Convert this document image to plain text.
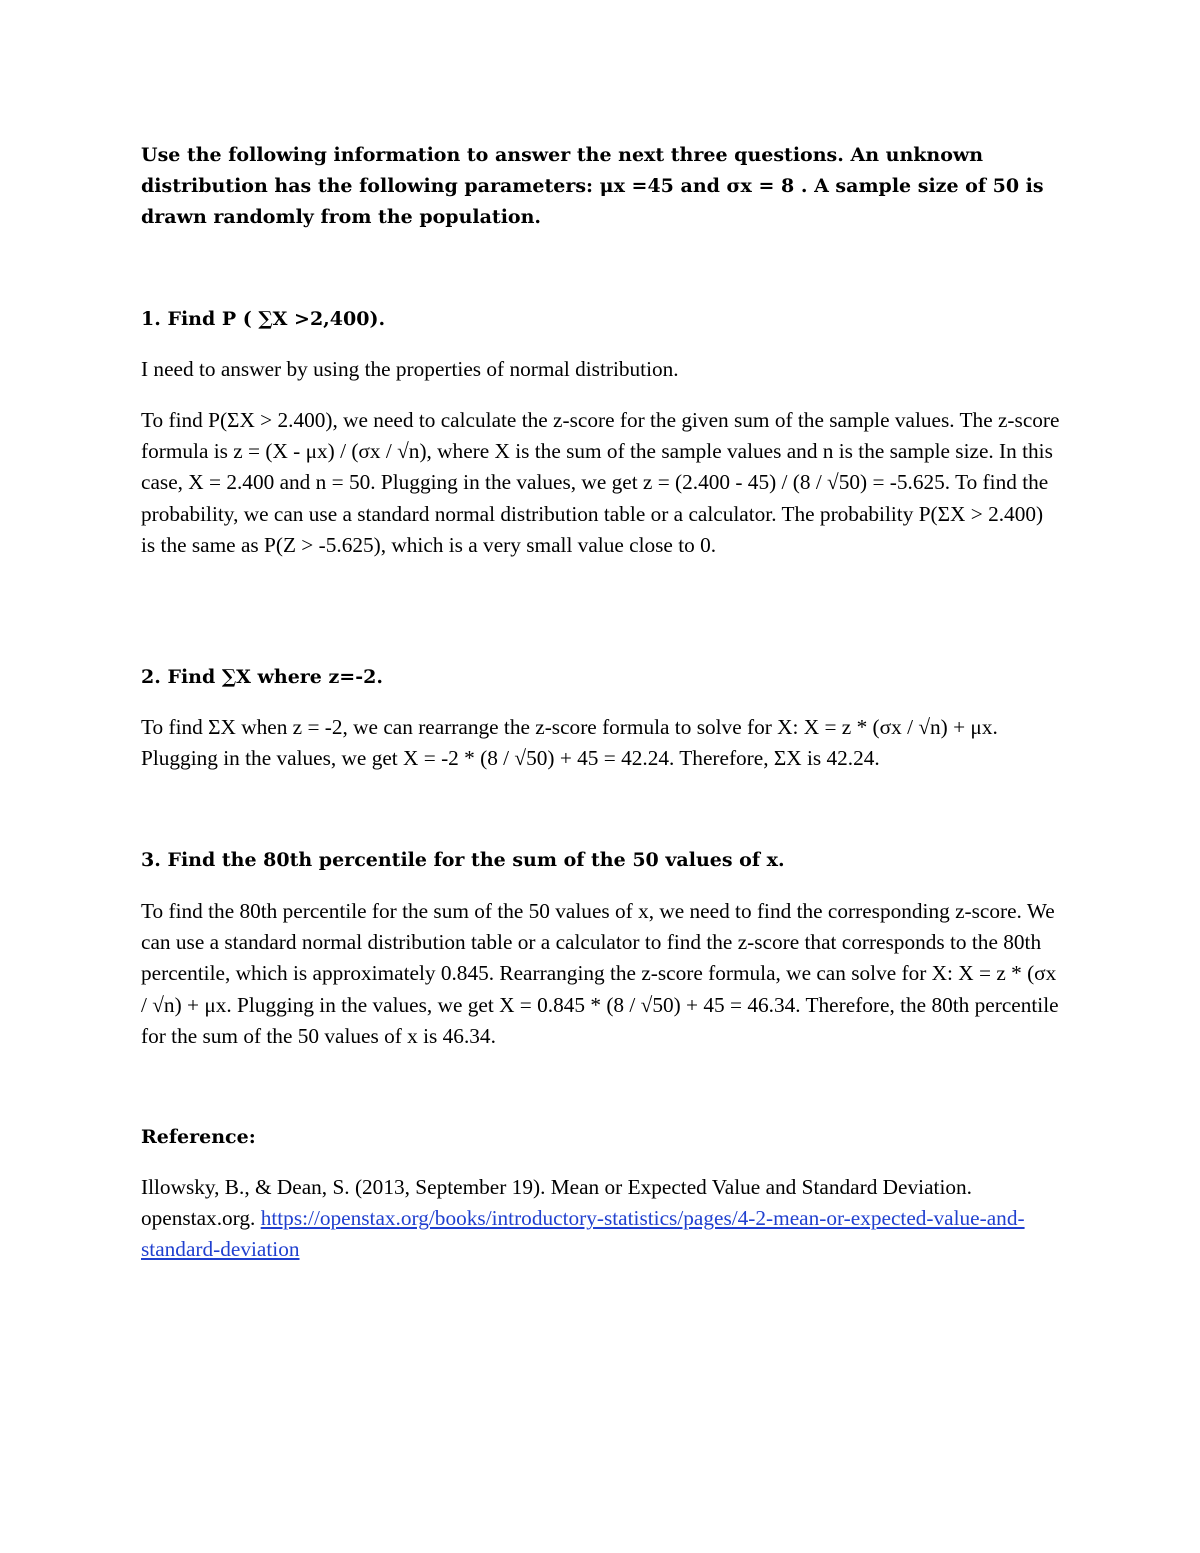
Use the following information to answer the next three questions. An unknown distribution has the following parameters: μx =45 and σx = 8 . A sample size of 50 is drawn randomly from the population.

1. Find P ( ∑X >2,400).

I need to answer by using the properties of normal distribution.

To find P(ΣX > 2.400), we need to calculate the z-score for the given sum of the sample values. The z-score formula is z = (X - μx) / (σx / √n), where X is the sum of the sample values and n is the sample size. In this case, X = 2.400 and n = 50. Plugging in the values, we get z = (2.400 - 45) / (8 / √50) = -5.625. To find the probability, we can use a standard normal distribution table or a calculator. The probability P(ΣX > 2.400) is the same as P(Z > -5.625), which is a very small value close to 0.

2. Find ∑X where z=-2.

To find ΣX when z = -2, we can rearrange the z-score formula to solve for X: X = z * (σx / √n) + μx. Plugging in the values, we get X = -2 * (8 / √50) + 45 = 42.24. Therefore, ΣX is 42.24.

3. Find the 80th percentile for the sum of the 50 values of x.

To find the 80th percentile for the sum of the 50 values of x, we need to find the corresponding z-score. We can use a standard normal distribution table or a calculator to find the z-score that corresponds to the 80th percentile, which is approximately 0.845. Rearranging the z-score formula, we can solve for X: X = z * (σx / √n) + μx. Plugging in the values, we get X = 0.845 * (8 / √50) + 45 = 46.34. Therefore, the 80th percentile for the sum of the 50 values of x is 46.34.

Reference:

Illowsky, B., & Dean, S. (2013, September 19). Mean or Expected Value and Standard Deviation. openstax.org. https://openstax.org/books/introductory-statistics/pages/4-2-mean-or-expected-value-and-standard-deviation
